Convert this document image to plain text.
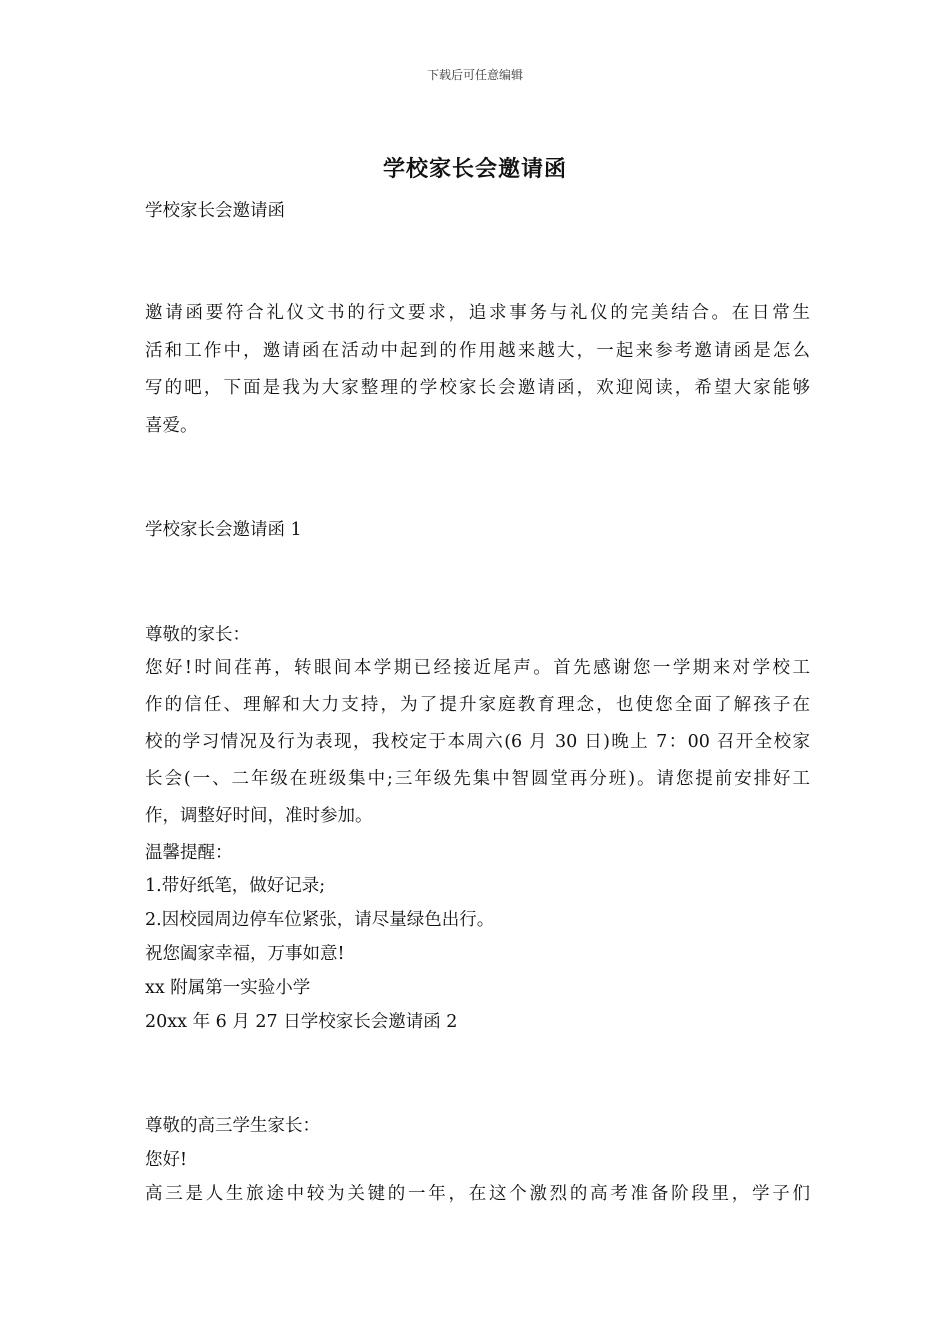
下载后可任意编辑
学校家长会邀请函

学校家长会邀请函

邀请函要符合礼仪文书的行文要求，追求事务与礼仪的完美结合。在日常生

活和工作中，邀请函在活动中起到的作用越来越大，一起来参考邀请函是怎么

写的吧，下面是我为大家整理的学校家长会邀请函，欢迎阅读，希望大家能够

喜爱。

学校家长会邀请函 1

尊敬的家长：

您好!时间荏苒，转眼间本学期已经接近尾声。首先感谢您一学期来对学校工

作的信任、理解和大力支持，为了提升家庭教育理念，也使您全面了解孩子在

校的学习情况及行为表现，我校定于本周六(6 月 30 日)晚上 7：00 召开全校家

长会(一、二年级在班级集中;三年级先集中智圆堂再分班)。请您提前安排好工

作，调整好时间，准时参加。

温馨提醒：

1.带好纸笔，做好记录;

2.因校园周边停车位紧张，请尽量绿色出行。

祝您阖家幸福，万事如意!

xx 附属第一实验小学

20xx 年 6 月 27 日学校家长会邀请函 2

尊敬的高三学生家长：

您好!

高三是人生旅途中较为关键的一年，在这个激烈的高考准备阶段里，学子们
